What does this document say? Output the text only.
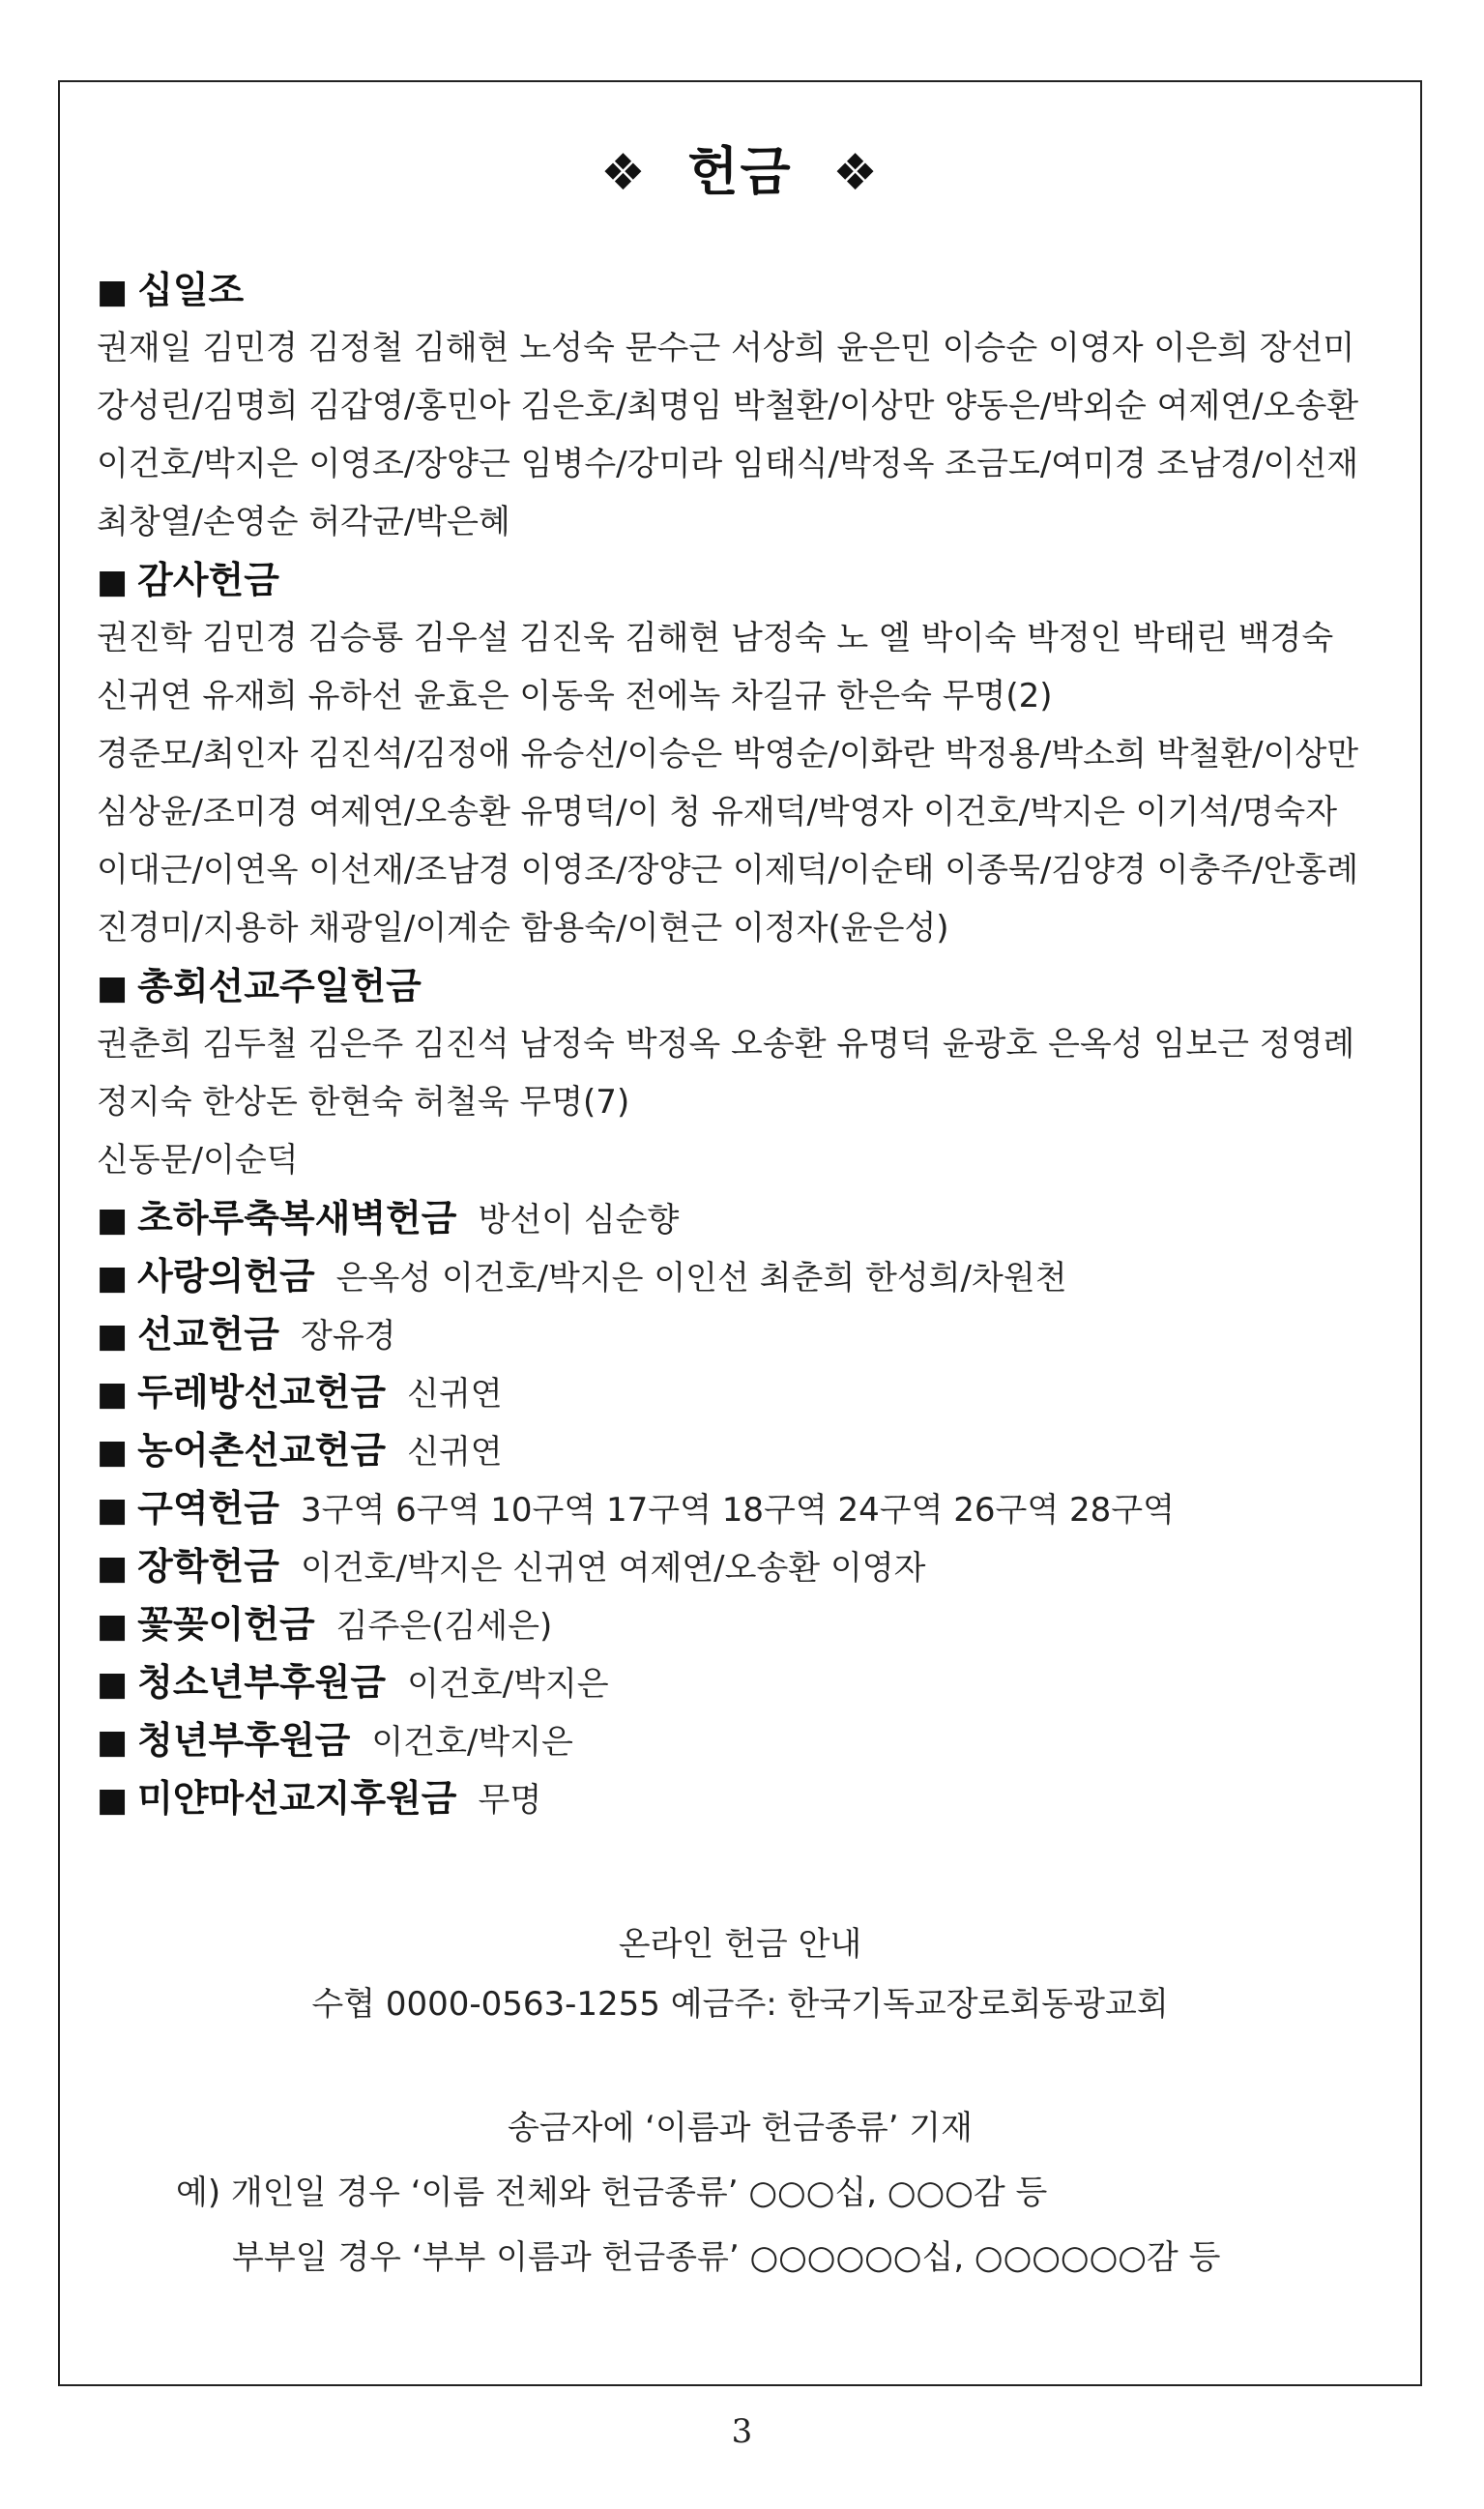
❖ 헌금 ❖
■ 십일조
권재일 김민경 김정철 김해현 노성숙 문수근 서상희 윤은민 이승순 이영자 이은희 장선미
강성린/김명희 김갑영/홍민아 김은호/최명임 박철환/이상만 양동은/박외순 여제연/오송환
이건호/박지은 이영조/장양근 임병수/강미라 임태식/박정옥 조금도/여미경 조남경/이선재
최창열/손영순 허각균/박은혜
■ 감사헌금
권진학 김민경 김승룡 김우설 김진욱 김해현 남정숙 노 엘 박이숙 박정인 박태린 백경숙
신귀연 유재희 유하선 윤효은 이동욱 전에녹 차길규 한은숙 무명(2)
경준모/최인자 김진석/김정애 유승선/이승은 박영순/이화란 박정용/박소희 박철환/이상만
심상윤/조미경 여제연/오송환 유명덕/이 청 유재덕/박영자 이건호/박지은 이기석/명숙자
이대근/이연옥 이선재/조남경 이영조/장양근 이제덕/이순태 이종묵/김양경 이충주/안홍례
진경미/지용하 채광일/이계순 함용숙/이현근 이정자(윤은성)
■ 총회선교주일헌금
권춘희 김두철 김은주 김진석 남정숙 박정옥 오송환 유명덕 윤광호 은옥성 임보근 정영례
정지숙 한상돈 한현숙 허철욱 무명(7)
신동문/이순덕
■ 초하루축복새벽헌금 방선이 심순향
■ 사랑의헌금 은옥성 이건호/박지은 이인선 최춘희 한성희/차원천
■ 선교헌금 장유경
■ 두레방선교헌금 신귀연
■ 농어촌선교헌금 신귀연
■ 구역헌금 3구역 6구역 10구역 17구역 18구역 24구역 26구역 28구역
■ 장학헌금 이건호/박지은 신귀연 여제연/오송환 이영자
■ 꽃꽂이헌금 김주은(김세은)
■ 청소년부후원금 이건호/박지은
■ 청년부후원금 이건호/박지은
■ 미얀마선교지후원금 무명
온라인 헌금 안내
수협 0000-0563-1255 예금주: 한국기독교장로회동광교회
송금자에 ‘이름과 헌금종류’ 기재
예) 개인일 경우 ‘이름 전체와 헌금종류’ ○○○십, ○○○감 등
부부일 경우 ‘부부 이름과 헌금종류’ ○○○○○○십, ○○○○○○감 등
3
